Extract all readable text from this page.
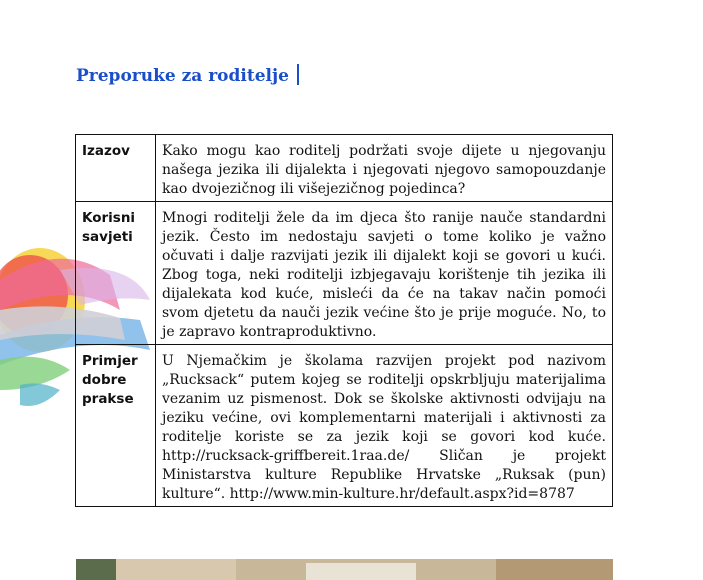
Preporuke za roditelje
Izazov	Kako mogu kao roditelj podržati svoje dijete u njegovanju našega jezika ili dijalekta i njegovati njegovo samopouzdanje kao dvojezičnog ili višejezičnog pojedinca?
Korisni savjeti	Mnogi roditelji žele da im djeca što ranije nauče standardni jezik. Često im nedostaju savjeti o tome koliko je važno očuvati i dalje razvijati jezik ili dijalekt koji se govori u kući. Zbog toga, neki roditelji izbjegavaju korištenje tih jezika ili dijalekata kod kuće, misleći da će na takav način pomoći svom djetetu da nauči jezik većine što je prije moguće. No, to je zapravo kontraproduktivno.
Primjer dobre prakse	U Njemačkim je školama razvijen projekt pod nazivom „Rucksack“ putem kojeg se roditelji opskrbljuju materijalima vezanim uz pismenost. Dok se školske aktivnosti odvijaju na jeziku većine, ovi komplementarni materijali i aktivnosti za roditelje koriste se za jezik koji se govori kod kuće. http://rucksack-griffbereit.1raa.de/ Sličan je projekt Ministarstva kulture Republike Hrvatske „Ruksak (pun) kulture“. http://www.min-kulture.hr/default.aspx?id=8787
